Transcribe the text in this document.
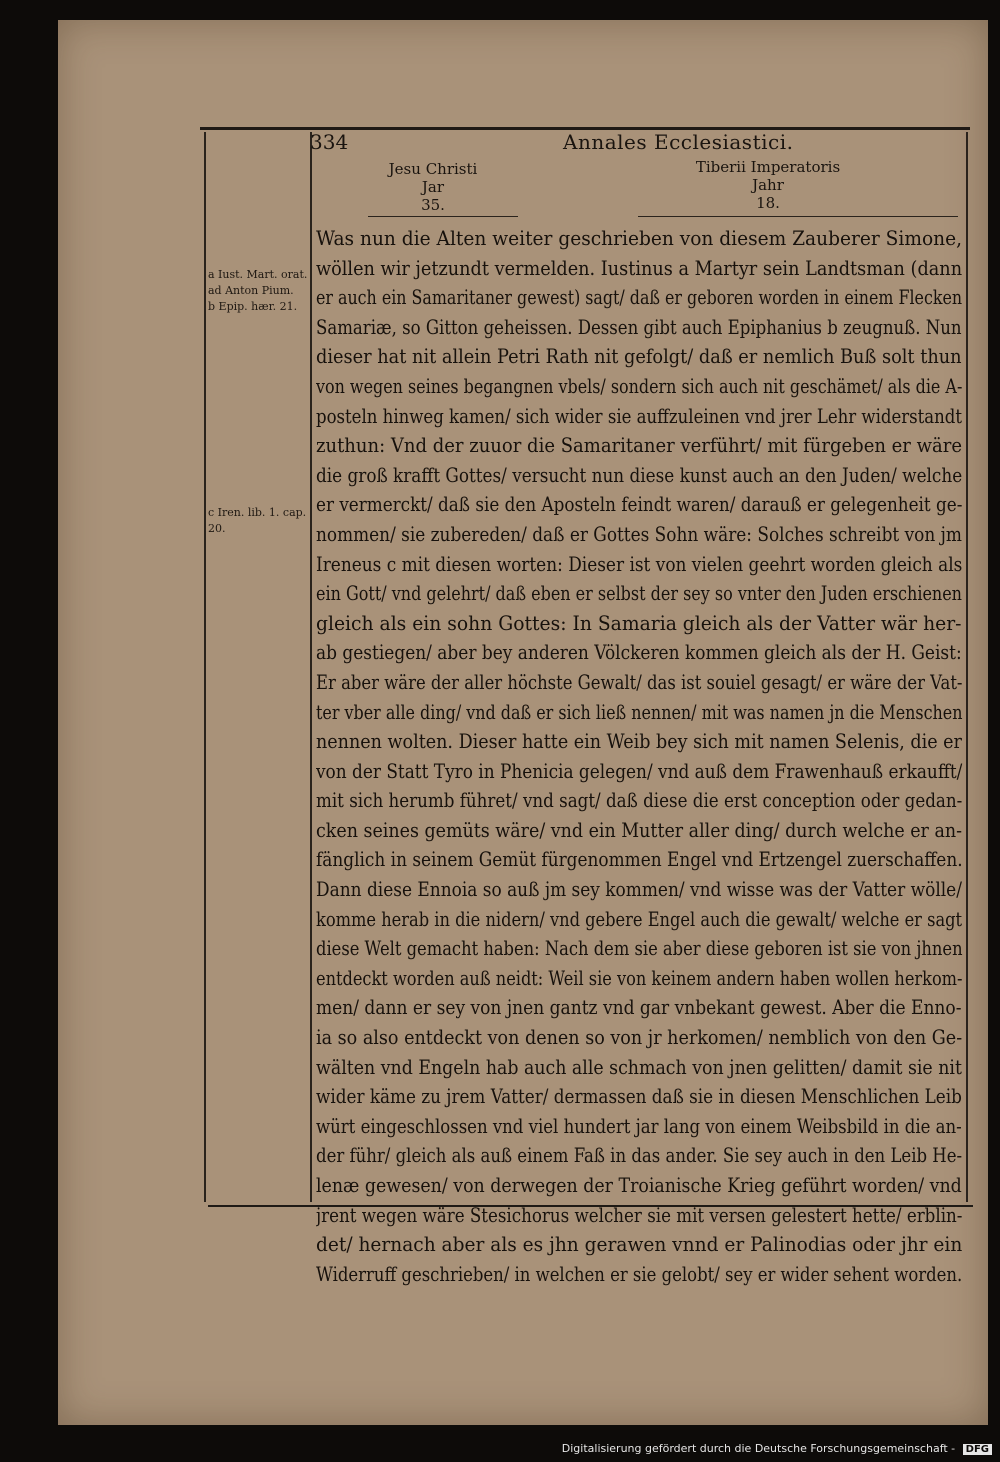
334	Annales Ecclesiastici.
Jesu Christi
Jar
35.
Tiberii Imperatoris
Jahr
18.
a Iust. Mart. orat. ad Anton Pium.
b Epip. hær. 21.
c Iren. lib. 1. cap. 20.
Was nun die Alten weiter geschrieben von diesem Zauberer Simone,
wöllen wir jetzundt vermelden. Iustinus a Martyr sein Landtsman (dann
er auch ein Samaritaner gewest) sagt/ daß er geboren worden in einem Flecken
Samariæ, so Gitton geheissen. Dessen gibt auch Epiphanius b zeugnuß. Nun
dieser hat nit allein Petri Rath nit gefolgt/ daß er nemlich Buß solt thun
von wegen seines begangnen vbels/ sondern sich auch nit geschämet/ als die A-
posteln hinweg kamen/ sich wider sie auffzuleinen vnd jrer Lehr widerstandt
zuthun: Vnd der zuuor die Samaritaner verführt/ mit fürgeben er wäre
die groß krafft Gottes/ versucht nun diese kunst auch an den Juden/ welche
er vermerckt/ daß sie den Aposteln feindt waren/ darauß er gelegenheit ge-
nommen/ sie zubereden/ daß er Gottes Sohn wäre: Solches schreibt von jm
Ireneus c mit diesen worten: Dieser ist von vielen geehrt worden gleich als
ein Gott/ vnd gelehrt/ daß eben er selbst der sey so vnter den Juden erschienen
gleich als ein sohn Gottes: In Samaria gleich als der Vatter wär her-
ab gestiegen/ aber bey anderen Völckeren kommen gleich als der H. Geist:
Er aber wäre der aller höchste Gewalt/ das ist souiel gesagt/ er wäre der Vat-
ter vber alle ding/ vnd daß er sich ließ nennen/ mit was namen jn die Menschen
nennen wolten. Dieser hatte ein Weib bey sich mit namen Selenis, die er
von der Statt Tyro in Phenicia gelegen/ vnd auß dem Frawenhauß erkaufft/
mit sich herumb führet/ vnd sagt/ daß diese die erst conception oder gedan-
cken seines gemüts wäre/ vnd ein Mutter aller ding/ durch welche er an-
fänglich in seinem Gemüt fürgenommen Engel vnd Ertzengel zuerschaffen.
Dann diese Ennoia so auß jm sey kommen/ vnd wisse was der Vatter wölle/
komme herab in die nidern/ vnd gebere Engel auch die gewalt/ welche er sagt
diese Welt gemacht haben: Nach dem sie aber diese geboren ist sie von jhnen
entdeckt worden auß neidt: Weil sie von keinem andern haben wollen herkom-
men/ dann er sey von jnen gantz vnd gar vnbekant gewest. Aber die Enno-
ia so also entdeckt von denen so von jr herkomen/ nemblich von den Ge-
wälten vnd Engeln hab auch alle schmach von jnen gelitten/ damit sie nit
wider käme zu jrem Vatter/ dermassen daß sie in diesen Menschlichen Leib
würt eingeschlossen vnd viel hundert jar lang von einem Weibsbild in die an-
der führ/ gleich als auß einem Faß in das ander. Sie sey auch in den Leib He-
lenæ gewesen/ von derwegen der Troianische Krieg geführt worden/ vnd
jrent wegen wäre Stesichorus welcher sie mit versen gelestert hette/ erblin-
det/ hernach aber als es jhn gerawen vnnd er Palinodias oder jhr ein
Widerruff geschrieben/ in welchen er sie gelobt/ sey er wider sehent worden.
Digitalisierung gefördert durch die Deutsche Forschungsgemeinschaft - DFG
